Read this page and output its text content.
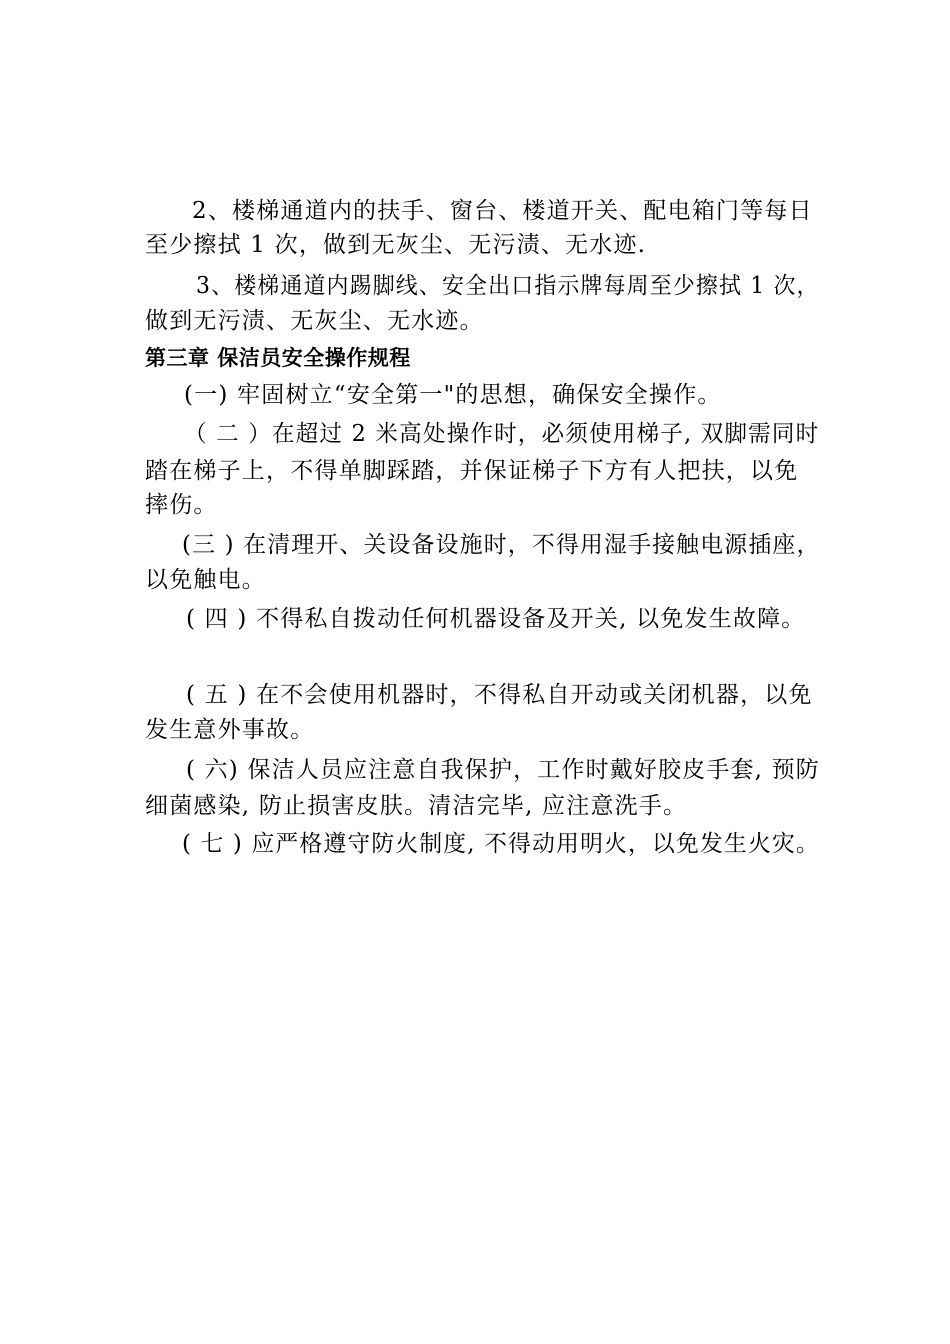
2、楼梯通道内的扶手、窗台、楼道开关、配电箱门等每日
至少擦拭 1 次，做到无灰尘、无污渍、无水迹.
3、楼梯通道内踢脚线、安全出口指示牌每周至少擦拭 1 次，
做到无污渍、无灰尘、无水迹。
第三章 保洁员安全操作规程
(一) 牢固树立“安全第一"的思想，确保安全操作。
（ 二 ）在超过 2 米高处操作时，必须使用梯子, 双脚需同时
踏在梯子上，不得单脚踩踏，并保证梯子下方有人把扶，以免
摔伤。
(三 ) 在清理开、关设备设施时，不得用湿手接触电源插座，
以免触电。
( 四 ) 不得私自拨动任何机器设备及开关, 以免发生故障。
( 五 ) 在不会使用机器时，不得私自开动或关闭机器，以免
发生意外事故。
( 六) 保洁人员应注意自我保护，工作时戴好胶皮手套, 预防
细菌感染, 防止损害皮肤。清洁完毕, 应注意洗手。
( 七 ) 应严格遵守防火制度, 不得动用明火，以免发生火灾。
